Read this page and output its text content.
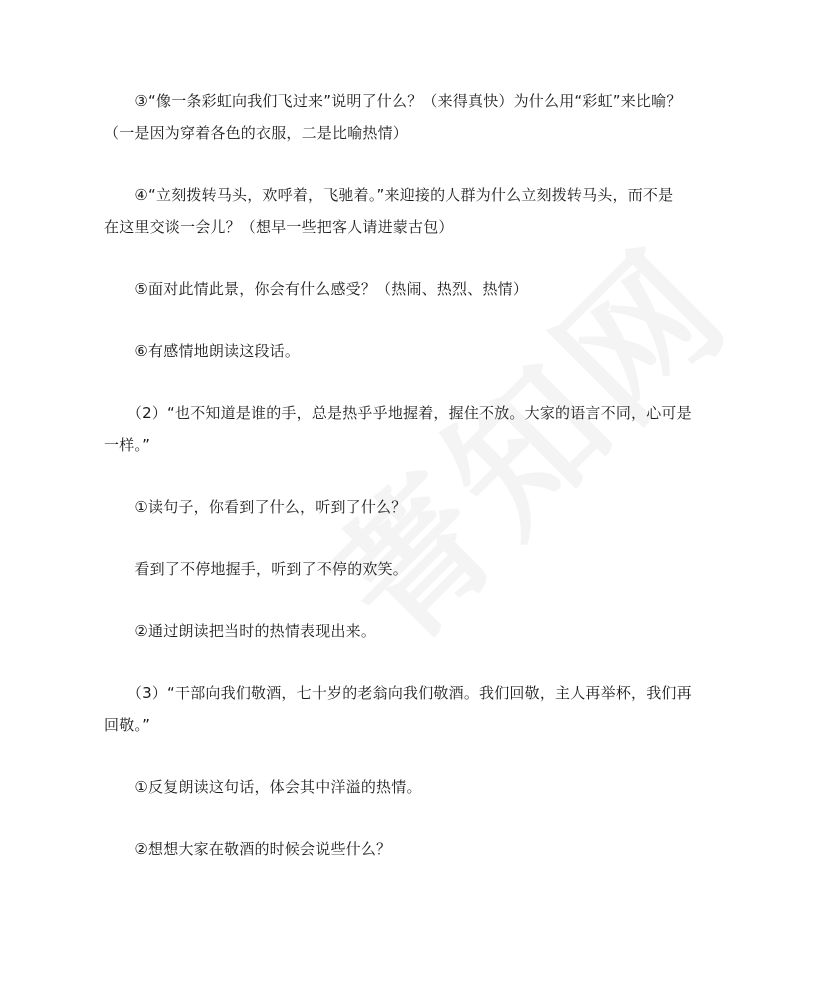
　　③“像一条彩虹向我们飞过来”说明了什么？（来得真快）为什么用“彩虹”来比喻？
（一是因为穿着各色的衣服，二是比喻热情）
　　④“立刻拨转马头，欢呼着，飞驰着。”来迎接的人群为什么立刻拨转马头，而不是
在这里交谈一会儿？（想早一些把客人请进蒙古包）
　　⑤面对此情此景，你会有什么感受？（热闹、热烈、热情）
　　⑥有感情地朗读这段话。
　　（2）“也不知道是谁的手，总是热乎乎地握着，握住不放。大家的语言不同，心可是
一样。”
　　①读句子，你看到了什么，听到了什么？
　　看到了不停地握手，听到了不停的欢笑。
　　②通过朗读把当时的热情表现出来。
　　（3）“干部向我们敬酒，七十岁的老翁向我们敬酒。我们回敬，主人再举杯，我们再
回敬。”
　　①反复朗读这句话，体会其中洋溢的热情。
　　②想想大家在敬酒的时候会说些什么？
